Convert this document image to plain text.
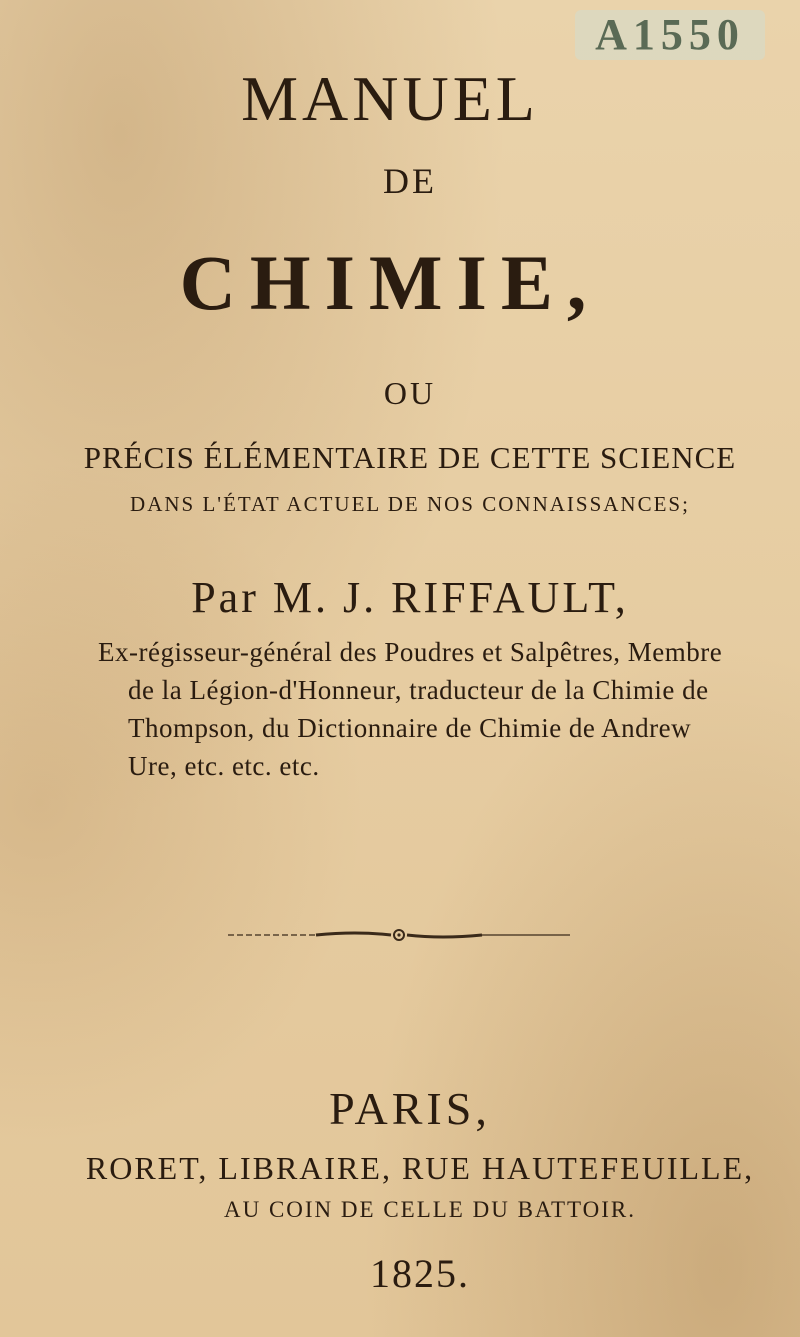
A1550
MANUEL
DE
CHIMIE,
OU
PRÉCIS ÉLÉMENTAIRE DE CETTE SCIENCE
DANS L'ÉTAT ACTUEL DE NOS CONNAISSANCES;
Par M. J. RIFFAULT,
Ex-régisseur-général des Poudres et Salpêtres, Membre
de la Légion-d'Honneur, traducteur de la Chimie de
Thompson, du Dictionnaire de Chimie de Andrew
Ure, etc. etc. etc.
PARIS,
RORET, LIBRAIRE, RUE HAUTEFEUILLE,
AU COIN DE CELLE DU BATTOIR.
1825.
